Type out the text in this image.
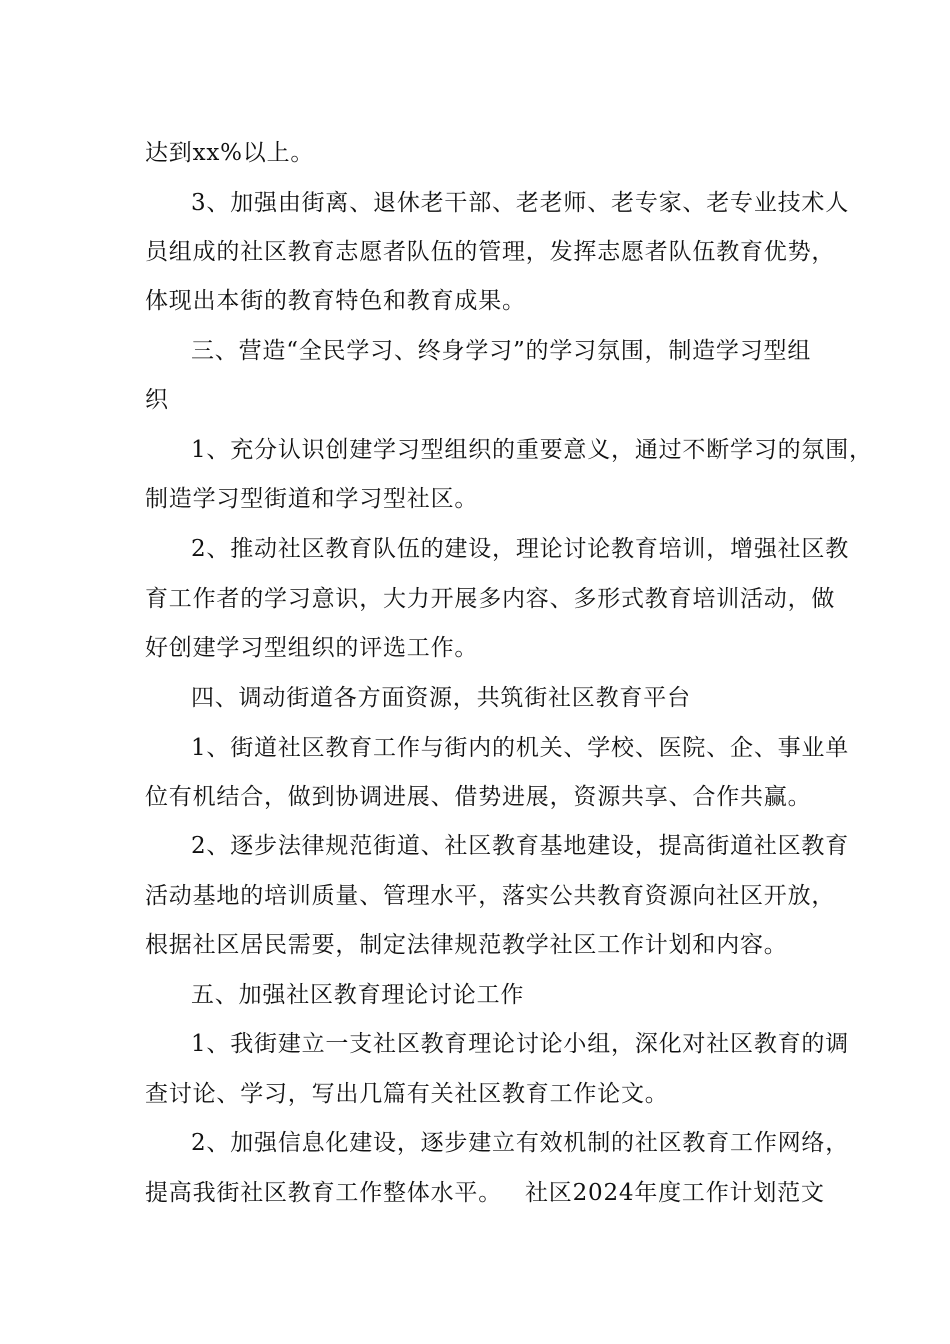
达到xx%以上。
3、加强由街离、退休老干部、老老师、老专家、老专业技术人
员组成的社区教育志愿者队伍的管理，发挥志愿者队伍教育优势，
体现出本街的教育特色和教育成果。
三、营造“全民学习、终身学习”的学习氛围，制造学习型组
织
1、充分认识创建学习型组织的重要意义，通过不断学习的氛围，
制造学习型街道和学习型社区。
2、推动社区教育队伍的建设，理论讨论教育培训，增强社区教
育工作者的学习意识，大力开展多内容、多形式教育培训活动，做
好创建学习型组织的评选工作。
四、调动街道各方面资源，共筑街社区教育平台
1、街道社区教育工作与街内的机关、学校、医院、企、事业单
位有机结合，做到协调进展、借势进展，资源共享、合作共赢。
2、逐步法律规范街道、社区教育基地建设，提高街道社区教育
活动基地的培训质量、管理水平，落实公共教育资源向社区开放，
根据社区居民需要，制定法律规范教学社区工作计划和内容。
五、加强社区教育理论讨论工作
1、我街建立一支社区教育理论讨论小组，深化对社区教育的调
查讨论、学习，写出几篇有关社区教育工作论文。
2、加强信息化建设，逐步建立有效机制的社区教育工作网络，
提高我街社区教育工作整体水平。 社区2024年度工作计划范文
